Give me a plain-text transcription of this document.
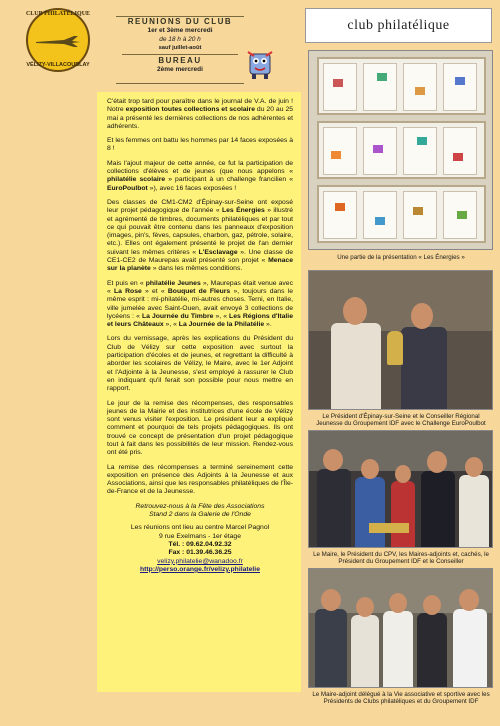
CLUB PHILATÉLIQUE
VÉLIZY-VILLACOUBLAY
REUNIONS DU CLUB
1er et 3ème mercredi
de 18 h à 20 h
sauf juillet-août
BUREAU
2ème mercredi
club philatélique

C'était trop tard pour paraître dans le journal de V.A. de juin ! Notre exposition toutes collections et scolaire du 20 au 25 mai a présenté les dernières collections de nos adhérentes et adhérents.

Et les femmes ont battu les hommes par 14 faces exposées à 8 !

Mais l'ajout majeur de cette année, ce fut la participation de collections d'élèves et de jeunes (que nous appelons « philatélie scolaire » participant à un challenge francilien « EuroPoulbot »), avec 16 faces exposées !

Des classes de CM1-CM2 d'Épinay-sur-Seine ont exposé leur projet pédagogique de l'année « Les Énergies » illustré et agrémenté de timbres, documents philatéliques et par tout ce qui pouvait être contenu dans les panneaux d'exposition (images, pin's, fèves, capsules, charbon, gaz, pétrole, solaire, etc.). Elles ont également présenté le projet de l'an dernier suivant les mêmes critères « L'Esclavage ». Une classe de CE1-CE2 de Maurepas avait présenté son projet « Menace sur la planète » dans les mêmes conditions.

Et puis en « philatélie Jeunes », Maurepas était venue avec « La Rose » et « Bouquet de Fleurs », toujours dans le même esprit : mi-philatélie, mi-autres choses. Terni, en Italie, ville jumelée avec Saint-Ouen, avait envoyé 3 collections de lycéens : « La Journée du Timbre », « Les Régions d'Italie et leurs Châteaux », « La Journée de la Philatélie ».

Lors du vernissage, après les explications du Président du Club de Vélizy sur cette exposition avec surtout la participation d'écoles et de jeunes, et regrettant la difficulté à aborder les scolaires de Vélizy, le Maire, avec le 1er Adjoint et l'Adjointe à la Jeunesse, s'est employé à rassurer le Club en indiquant qu'il ferait son possible pour nous mettre en rapport.

Le jour de la remise des récompenses, des responsables jeunes de la Mairie et des institutrices d'une école de Vélizy sont venus visiter l'exposition. Le président leur a expliqué comment et pourquoi de tels projets pédagogiques. Ils ont trouvé ce concept de présentation d'un projet pédagogique tout à fait dans les possibilités de leur mission. Rendez-vous ont été pris.

La remise des récompenses a terminé sereinement cette exposition en présence des Adjoints à la Jeunesse et aux Associations, ainsi que les responsables philatéliques de l'Île-de-France et de la Jeunesse.

Retrouvez-nous à la Fête des Associations
Stand 2 dans la Galerie de l'Onde

Les réunions ont lieu au centre Marcel Pagnol

9 rue Exelmans - 1er étage

Tél. : 09.62.04.92.32

Fax : 01.39.46.36.25

velizy.philatelie@wanadoo.fr

http://perso.orange.fr/velizy.philatelie

Une partie de la présentation « Les Énergies »
Le Président d'Épinay-sur-Seine et le Conseiller Régional Jeunesse du Groupement IDF avec le Challenge EuroPoulbot
Le Maire, le Président du CPV, les Maires-adjoints et, cachés, le Président du Groupement IDF et le Conseiller
Le Maire-adjoint délégué à la Vie associative et sportive avec les Présidents de Clubs philatéliques et du Groupement IDF
